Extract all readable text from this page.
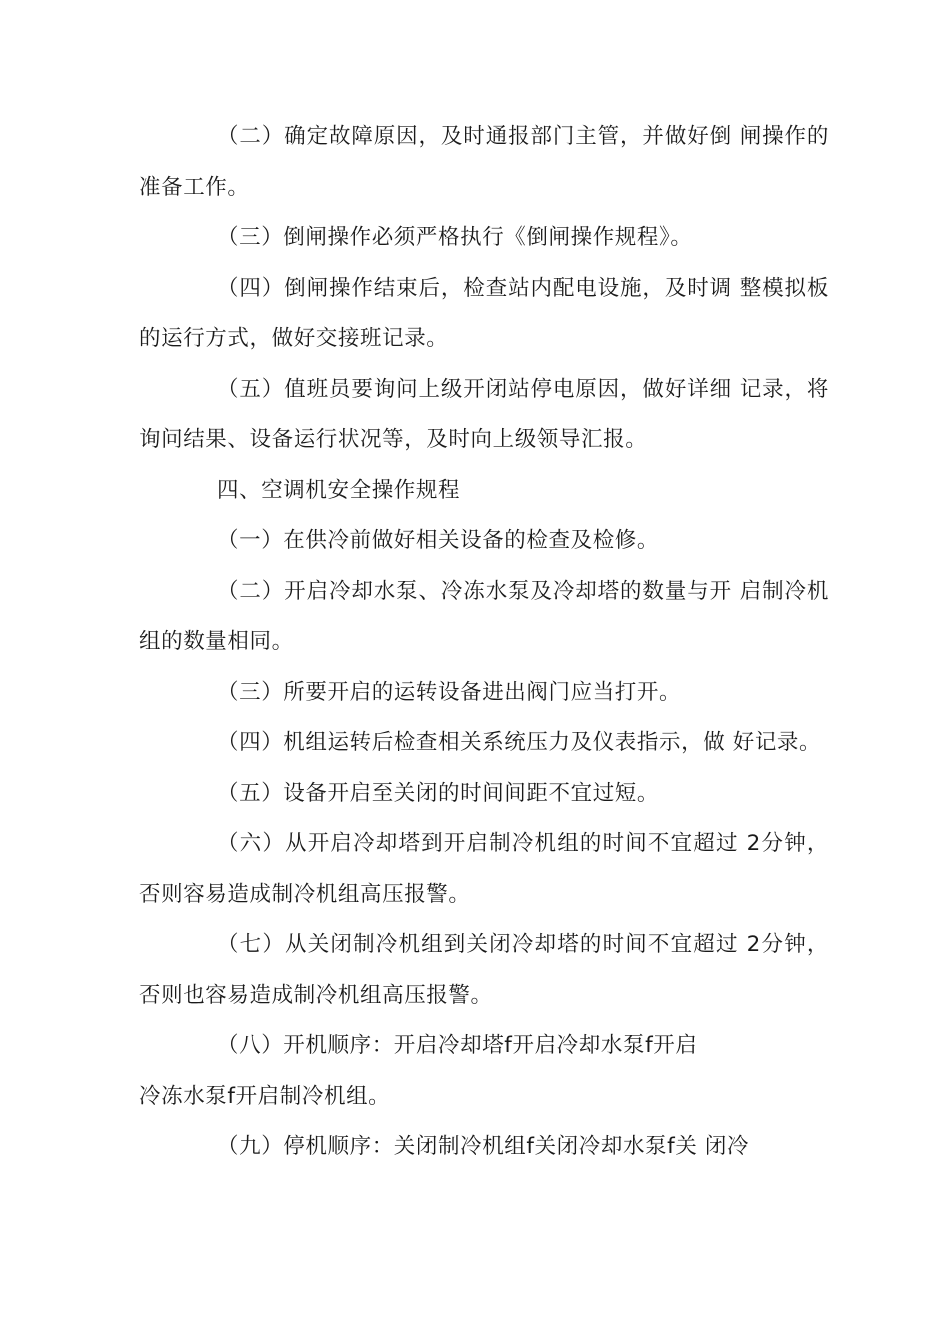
（二）确定故障原因，及时通报部门主管，并做好倒 闸操作的准备工作。

（三）倒闸操作必须严格执行《倒闸操作规程》。

（四）倒闸操作结束后，检查站内配电设施，及时调 整模拟板的运行方式，做好交接班记录。

（五）值班员要询问上级开闭站停电原因，做好详细 记录，将询问结果、设备运行状况等，及时向上级领导汇报。

四、空调机安全操作规程

（一）在供冷前做好相关设备的检查及检修。

（二）开启冷却水泵、冷冻水泵及冷却塔的数量与开 启制冷机组的数量相同。

（三）所要开启的运转设备进出阀门应当打开。

（四）机组运转后检查相关系统压力及仪表指示，做 好记录。

（五）设备开启至关闭的时间间距不宜过短。

（六）从开启冷却塔到开启制冷机组的时间不宜超过 2分钟，否则容易造成制冷机组高压报警。

（七）从关闭制冷机组到关闭冷却塔的时间不宜超过 2分钟，否则也容易造成制冷机组高压报警。

（八）开机顺序：开启冷却塔f开启冷却水泵f开启

冷冻水泵f开启制冷机组。

（九）停机顺序：关闭制冷机组f关闭冷却水泵f关 闭冷
